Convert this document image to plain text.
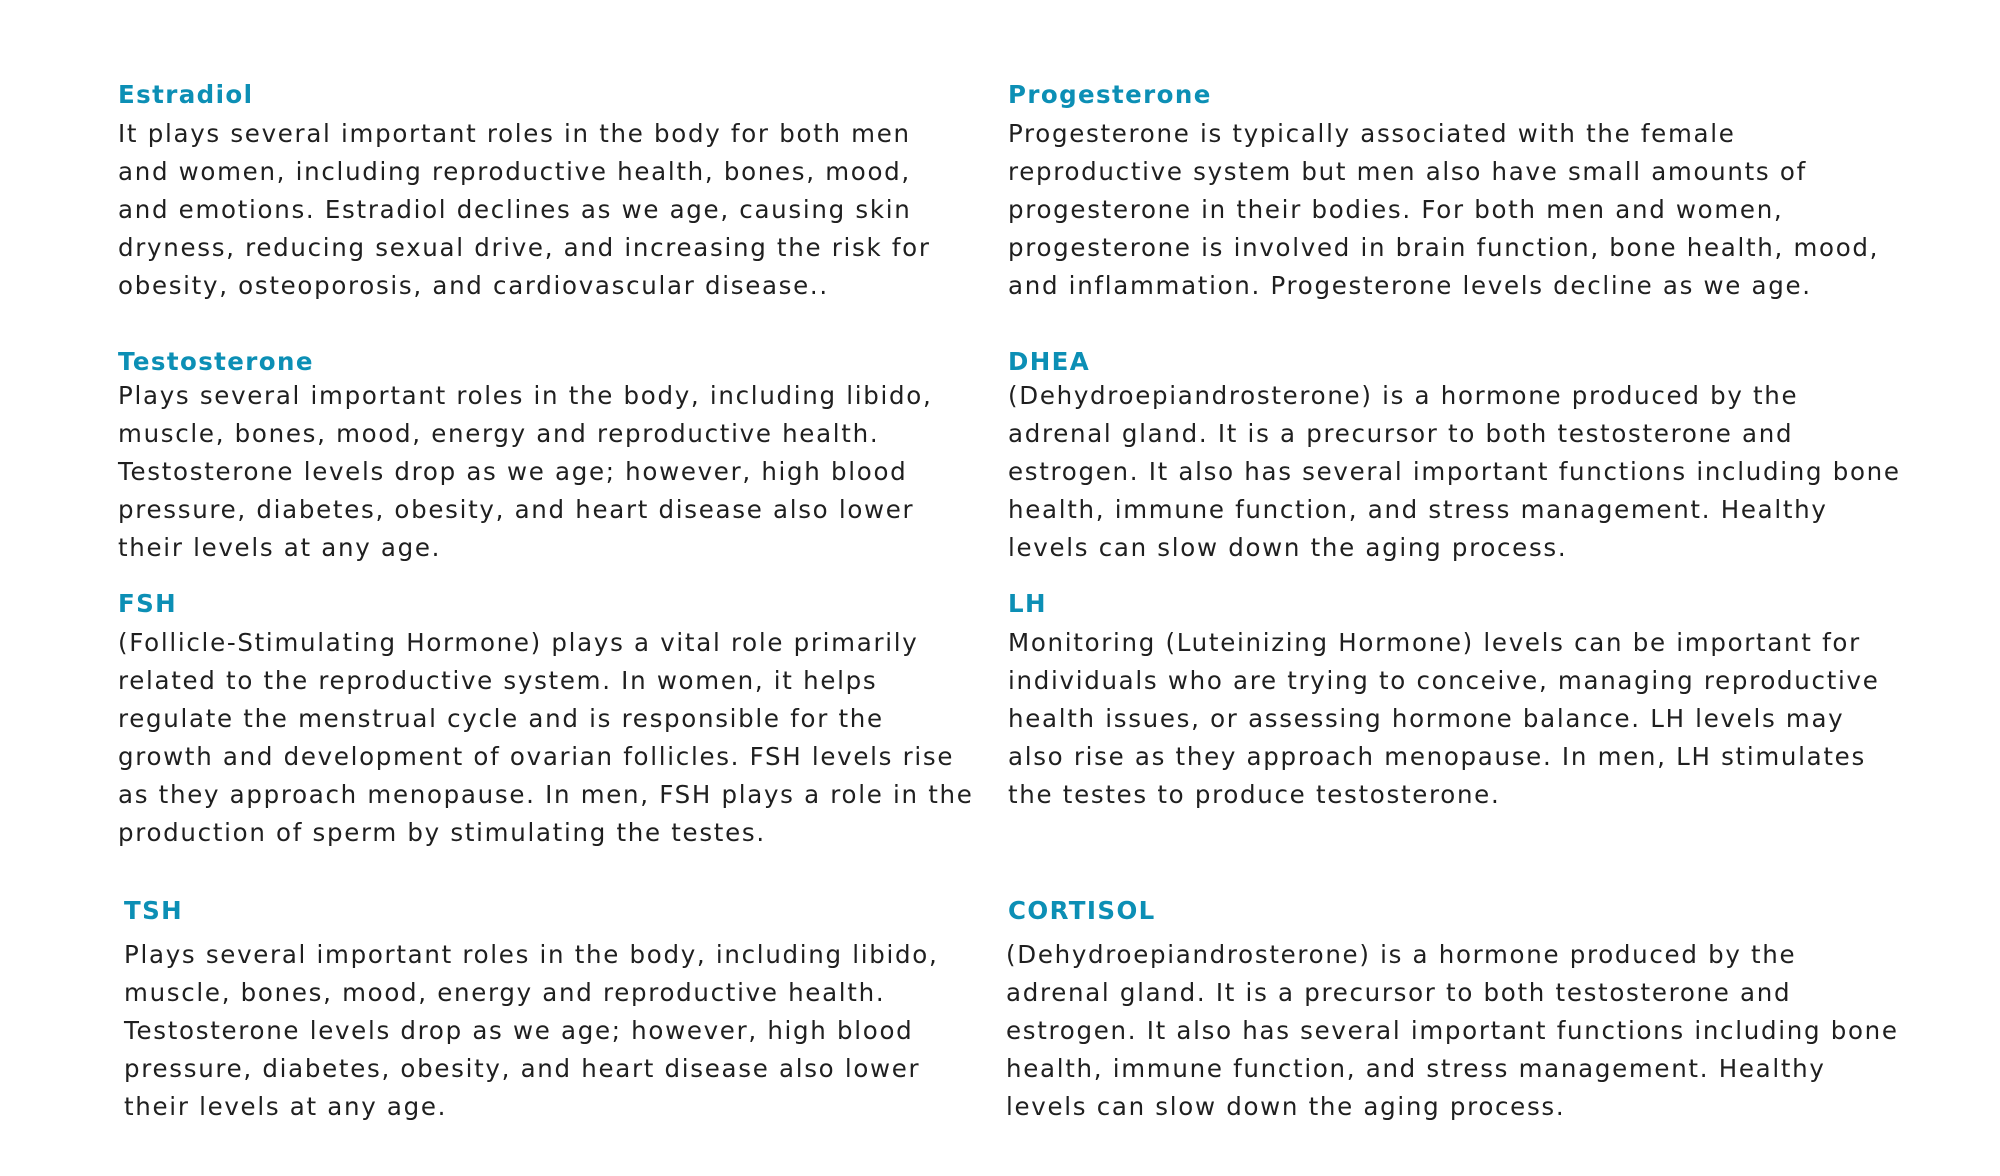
Estradiol
It plays several important roles in the body for both men
and women, including reproductive health, bones, mood,
and emotions. Estradiol declines as we age, causing skin
dryness, reducing sexual drive, and increasing the risk for
obesity, osteoporosis, and cardiovascular disease..
Progesterone
Progesterone is typically associated with the female
reproductive system but men also have small amounts of
progesterone in their bodies. For both men and women,
progesterone is involved in brain function, bone health, mood,
and inflammation. Progesterone levels decline as we age.
Testosterone
Plays several important roles in the body, including libido,
muscle, bones, mood, energy and reproductive health.
Testosterone levels drop as we age; however, high blood
pressure, diabetes, obesity, and heart disease also lower
their levels at any age.
DHEA
(Dehydroepiandrosterone) is a hormone produced by the
adrenal gland. It is a precursor to both testosterone and
estrogen. It also has several important functions including bone
health, immune function, and stress management. Healthy
levels can slow down the aging process.
FSH
(Follicle-Stimulating Hormone) plays a vital role primarily
related to the reproductive system. In women, it helps
regulate the menstrual cycle and is responsible for the
growth and development of ovarian follicles. FSH levels rise
as they approach menopause. In men, FSH plays a role in the
production of sperm by stimulating the testes.
LH
Monitoring (Luteinizing Hormone) levels can be important for
individuals who are trying to conceive, managing reproductive
health issues, or assessing hormone balance. LH levels may
also rise as they approach menopause. In men, LH stimulates
the testes to produce testosterone.
TSH
Plays several important roles in the body, including libido,
muscle, bones, mood, energy and reproductive health.
Testosterone levels drop as we age; however, high blood
pressure, diabetes, obesity, and heart disease also lower
their levels at any age.
CORTISOL
(Dehydroepiandrosterone) is a hormone produced by the
adrenal gland. It is a precursor to both testosterone and
estrogen. It also has several important functions including bone
health, immune function, and stress management. Healthy
levels can slow down the aging process.
